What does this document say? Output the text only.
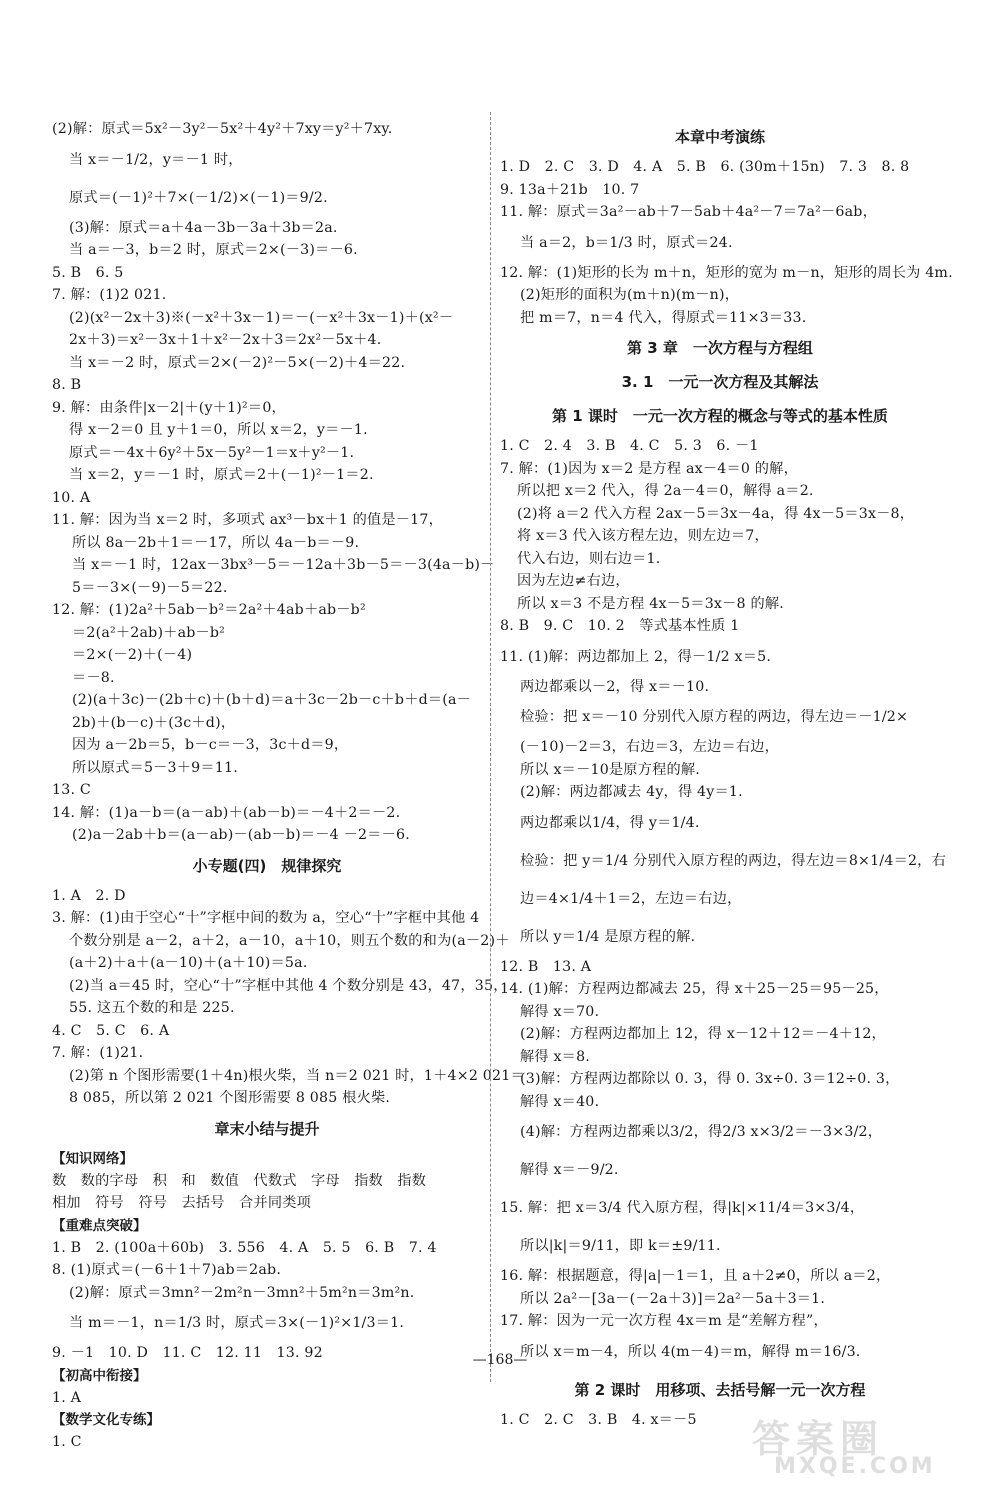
(2)解：原式＝5x²－3y²－5x²＋4y²＋7xy＝y²＋7xy.
当 x＝－1/2，y＝－1 时，
原式＝(－1)²＋7×(－1/2)×(－1)＝9/2.
(3)解：原式＝a＋4a－3b－3a＋3b＝2a.
当 a＝－3，b＝2 时，原式＝2×(－3)＝－6.
5. B　6. 5
7. 解：(1)2 021.
(2)(x²－2x＋3)※(－x²＋3x－1)＝－(－x²＋3x－1)＋(x²－
2x＋3)＝x²－3x＋1＋x²－2x＋3＝2x²－5x＋4.
当 x＝－2 时，原式＝2×(－2)²－5×(－2)＋4＝22.
8. B
9. 解：由条件|x－2|＋(y＋1)²＝0，
得 x－2＝0 且 y＋1＝0，所以 x＝2，y＝－1.
原式＝－4x＋6y²＋5x－5y²－1＝x＋y²－1.
当 x＝2，y＝－1 时，原式＝2＋(－1)²－1＝2.
10. A
11. 解：因为当 x＝2 时，多项式 ax³－bx＋1 的值是－17，
所以 8a－2b＋1＝－17，所以 4a－b＝－9.
当 x＝－1 时，12ax－3bx³－5＝－12a＋3b－5＝－3(4a－b)－
5＝－3×(－9)－5＝22.
12. 解：(1)2a²＋5ab－b²＝2a²＋4ab＋ab－b²
＝2(a²＋2ab)＋ab－b²
＝2×(－2)＋(－4)
＝－8.
(2)(a＋3c)－(2b＋c)＋(b＋d)＝a＋3c－2b－c＋b＋d＝(a－
2b)＋(b－c)＋(3c＋d)，
因为 a－2b＝5，b－c＝－3，3c＋d＝9，
所以原式＝5－3＋9＝11.
13. C
14. 解：(1)a－b＝(a－ab)＋(ab－b)＝－4＋2＝－2.
(2)a－2ab＋b＝(a－ab)－(ab－b)＝－4 －2＝－6.
小专题(四)　规律探究
1. A　2. D
3. 解：(1)由于空心“十”字框中间的数为 a，空心“十”字框中其他 4
个数分别是 a－2，a＋2，a－10，a＋10，则五个数的和为(a－2)＋
(a＋2)＋a＋(a－10)＋(a＋10)＝5a.
(2)当 a＝45 时，空心“十”字框中其他 4 个数分别是 43，47，35，
55. 这五个数的和是 225.
4. C　5. C　6. A
7. 解：(1)21.
(2)第 n 个图形需要(1＋4n)根火柴，当 n＝2 021 时，1＋4×2 021＝
8 085，所以第 2 021 个图形需要 8 085 根火柴.
章末小结与提升
【知识网络】
数　数的字母　积　和　数值　代数式　字母　指数　指数
相加　符号　符号　去括号　合并同类项
【重难点突破】
1. B　2. (100a＋60b)　3. 556　4. A　5. 5　6. B　7. 4
8. (1)原式＝(－6＋1＋7)ab＝2ab.
(2)解：原式＝3mn²－2m²n－3mn²＋5m²n＝3m²n.
当 m＝－1，n＝1/3 时，原式＝3×(－1)²×1/3＝1.
9. －1　10. D　11. C　12. 11　13. 92
【初高中衔接】
1. A
【数学文化专练】
1. C
本章中考演练
1. D　2. C　3. D　4. A　5. B　6. (30m＋15n)　7. 3　8. 8
9. 13a＋21b　10. 7
11. 解：原式＝3a²－ab＋7－5ab＋4a²－7＝7a²－6ab，
当 a＝2，b＝1/3 时，原式＝24.
12. 解：(1)矩形的长为 m＋n，矩形的宽为 m－n，矩形的周长为 4m.
(2)矩形的面积为(m＋n)(m－n)，
把 m＝7，n＝4 代入，得原式＝11×3＝33.
第 3 章　一次方程与方程组
3. 1　一元一次方程及其解法
第 1 课时　一元一次方程的概念与等式的基本性质
1. C　2. 4　3. B　4. C　5. 3　6. －1
7. 解：(1)因为 x＝2 是方程 ax－4＝0 的解，
所以把 x＝2 代入，得 2a－4＝0，解得 a＝2.
(2)将 a＝2 代入方程 2ax－5＝3x－4a，得 4x－5＝3x－8，
将 x＝3 代入该方程左边，则左边＝7，
代入右边，则右边＝1.
因为左边≠右边，
所以 x＝3 不是方程 4x－5＝3x－8 的解.
8. B　9. C　10. 2　等式基本性质 1
11. (1)解：两边都加上 2，得－1/2 x＝5.
两边都乘以－2，得 x＝－10.
检验：把 x＝－10 分别代入原方程的两边，得左边＝－1/2×
(－10)－2＝3，右边＝3，左边＝右边，
所以 x＝－10是原方程的解.
(2)解：两边都减去 4y，得 4y＝1.
两边都乘以1/4，得 y＝1/4.
检验：把 y＝1/4 分别代入原方程的两边，得左边＝8×1/4＝2，右
边＝4×1/4＋1＝2，左边＝右边，
所以 y＝1/4 是原方程的解.
12. B　13. A
14. (1)解：方程两边都减去 25，得 x＋25－25＝95－25，
解得 x＝70.
(2)解：方程两边都加上 12，得 x－12＋12＝－4＋12，
解得 x＝8.
(3)解：方程两边都除以 0. 3，得 0. 3x÷0. 3＝12÷0. 3，
解得 x＝40.
(4)解：方程两边都乘以3/2，得2/3 x×3/2＝－3×3/2，
解得 x＝－9/2.
15. 解：把 x＝3/4 代入原方程，得|k|×11/4＝3×3/4，
所以|k|＝9/11，即 k＝±9/11.
16. 解：根据题意，得|a|－1＝1，且 a＋2≠0，所以 a＝2，
所以 2a²－[3a－(－2a＋3)]＝2a²－5a＋3＝1.
17. 解：因为一元一次方程 4x＝m 是“差解方程”，
所以 x＝m－4，所以 4(m－4)＝m，解得 m＝16/3.
第 2 课时　用移项、去括号解一元一次方程
1. C　2. C　3. B　4. x＝－5
—168—
答案圈
MXQE.COM
